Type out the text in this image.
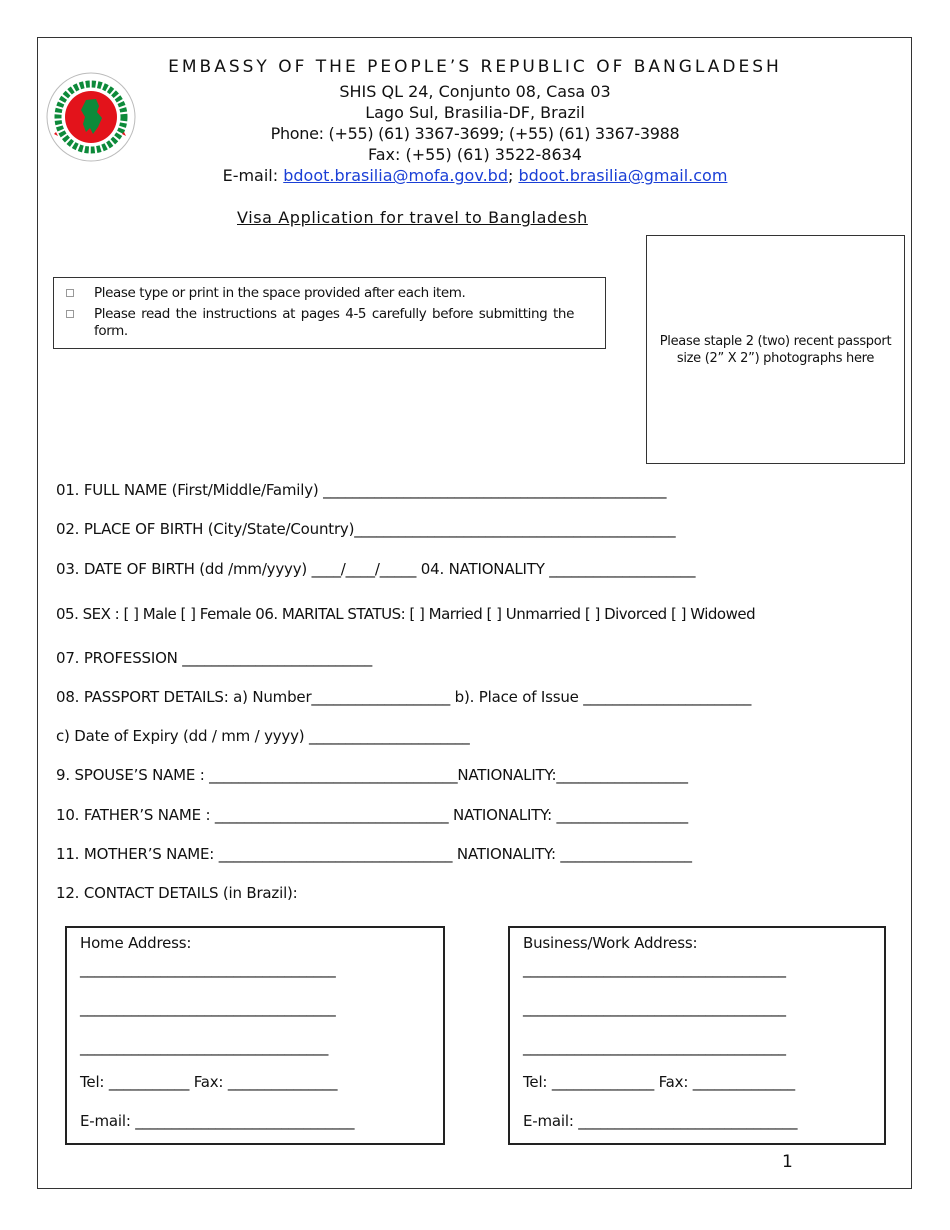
EMBASSY OF THE PEOPLE’S REPUBLIC OF BANGLADESH
SHIS QL 24, Conjunto 08, Casa 03
Lago Sul, Brasilia-DF, Brazil
Phone: (+55) (61) 3367-3699; (+55) (61) 3367-3988
Fax: (+55) (61) 3522-8634
E-mail: bdoot.brasilia@mofa.gov.bd; bdoot.brasilia@gmail.com
Visa Application for travel to Bangladesh
Please type or print in the space provided after each item.
Please read the instructions at pages 4-5 carefully before submitting the form.
Please staple 2 (two) recent passport size (2” X 2”) photographs here
01. FULL NAME (First/Middle/Family) _______________________________________________
02. PLACE OF BIRTH (City/State/Country)____________________________________________
03. DATE OF BIRTH (dd /mm/yyyy) ____/____/_____ 04. NATIONALITY ____________________
05. SEX : [ ] Male [ ] Female 06. MARITAL STATUS: [ ] Married [ ] Unmarried [ ] Divorced [ ] Widowed
07. PROFESSION __________________________
08. PASSPORT DETAILS: a) Number___________________ b). Place of Issue _______________________
c) Date of Expiry (dd / mm / yyyy) ______________________
9. SPOUSE’S NAME : __________________________________NATIONALITY:__________________
10. FATHER’S NAME : ________________________________ NATIONALITY: __________________
11. MOTHER’S NAME: ________________________________ NATIONALITY: __________________
12. CONTACT DETAILS (in Brazil):
Home Address:
___________________________________
___________________________________
__________________________________
Tel: ___________ Fax: _______________
E-mail: ______________________________
Business/Work Address:
____________________________________
____________________________________
____________________________________
Tel: ______________ Fax: ______________
E-mail: ______________________________
1
